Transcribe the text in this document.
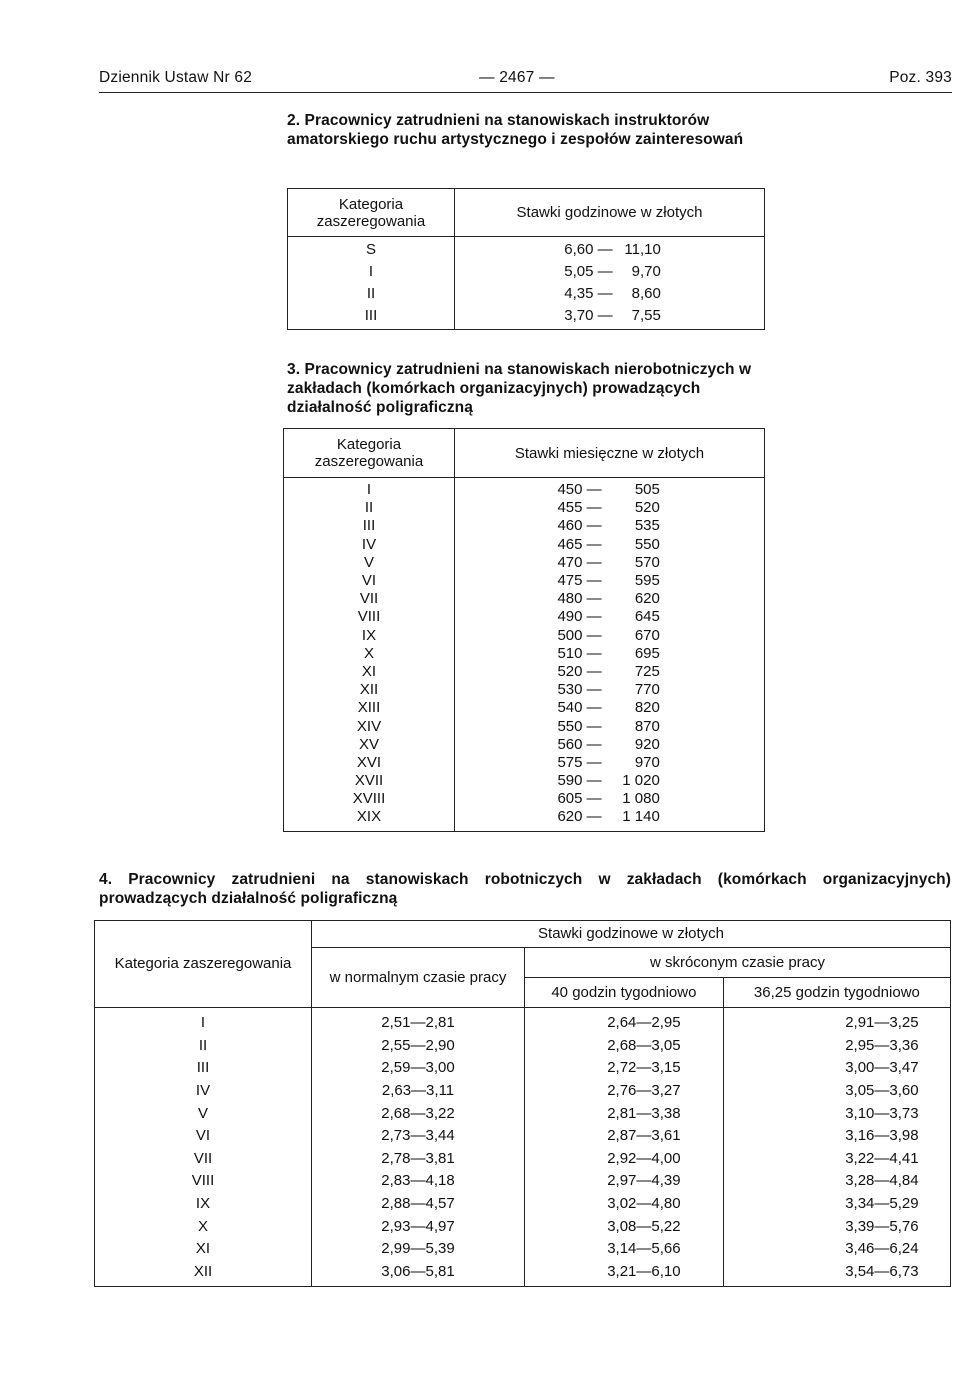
Dziennik Ustaw Nr 62	— 2467 —	Poz. 393

2. Pracownicy zatrudnieni na stanowiskach instruktorów amatorskiego ruchu artystycznego i zespołów zainteresowań

Kategoria zaszeregowania	Stawki godzinowe w złotych
S	6,60 — 11,10
I	5,05 — 9,70
II	4,35 — 8,60
III	3,70 — 7,55

3. Pracownicy zatrudnieni na stanowiskach nierobotniczych w zakładach (komórkach organizacyjnych) prowadzących działalność poligraficzną

Kategoria zaszeregowania	Stawki miesięczne w złotych
I	450 — 505
II	455 — 520
III	460 — 535
IV	465 — 550
V	470 — 570
VI	475 — 595
VII	480 — 620
VIII	490 — 645
IX	500 — 670
X	510 — 695
XI	520 — 725
XII	530 — 770
XIII	540 — 820
XIV	550 — 870
XV	560 — 920
XVI	575 — 970
XVII	590 — 1 020
XVIII	605 — 1 080
XIX	620 — 1 140

4. Pracownicy zatrudnieni na stanowiskach robotniczych w zakładach (komórkach organizacyjnych) prowadzących działalność poligraficzną

Kategoria zaszeregowania	Stawki godzinowe w złotych		
	w normalnym czasie pracy	w skróconym czasie pracy	
		40 godzin tygodniowo	36,25 godzin tygodniowo
I	2,51—2,81	2,64—2,95	2,91—3,25
II	2,55—2,90	2,68—3,05	2,95—3,36
III	2,59—3,00	2,72—3,15	3,00—3,47
IV	2,63—3,11	2,76—3,27	3,05—3,60
V	2,68—3,22	2,81—3,38	3,10—3,73
VI	2,73—3,44	2,87—3,61	3,16—3,98
VII	2,78—3,81	2,92—4,00	3,22—4,41
VIII	2,83—4,18	2,97—4,39	3,28—4,84
IX	2,88—4,57	3,02—4,80	3,34—5,29
X	2,93—4,97	3,08—5,22	3,39—5,76
XI	2,99—5,39	3,14—5,66	3,46—6,24
XII	3,06—5,81	3,21—6,10	3,54—6,73
